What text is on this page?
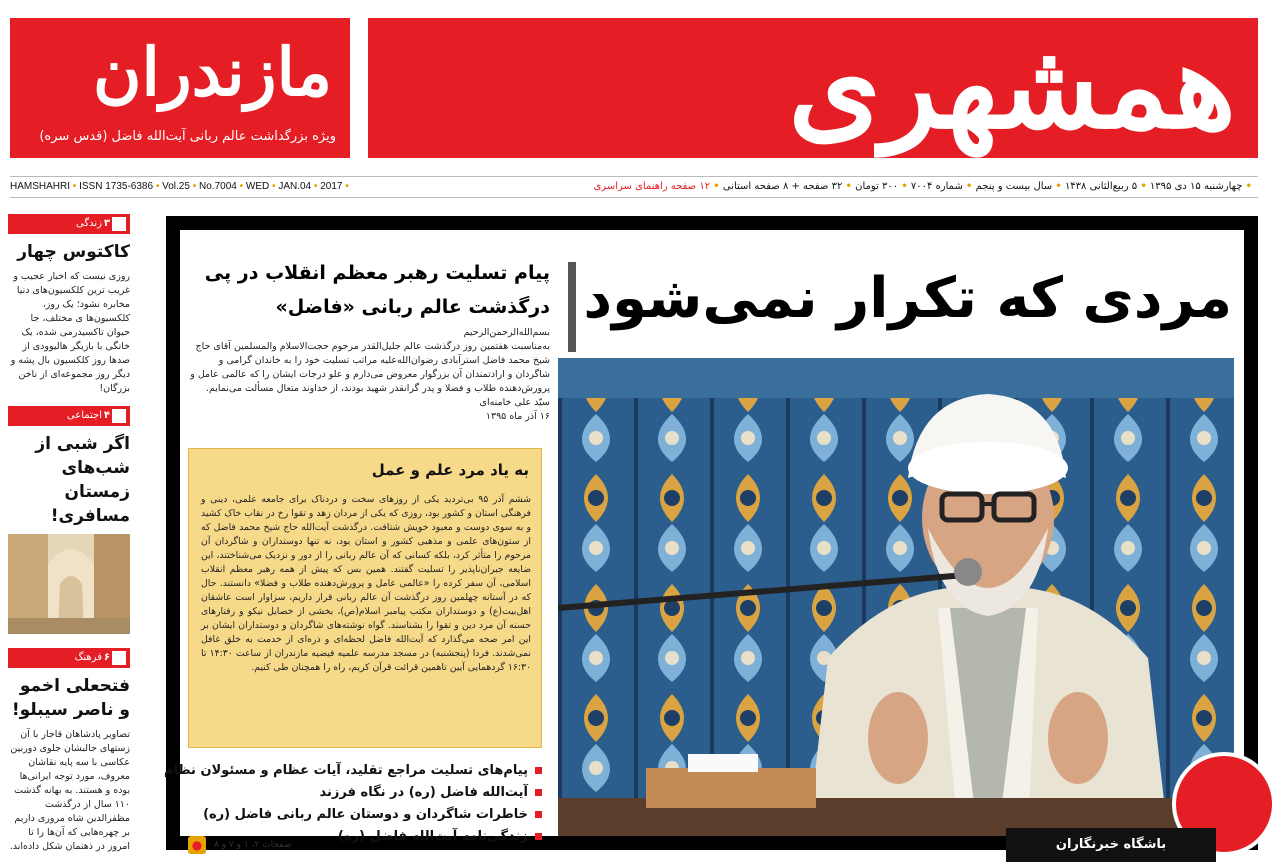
همشهری
مازندران
ویژه بزرگداشت عالم ربانی آیت‌الله فاضل (قدس سره)
• چهارشنبه ۱۵ دی ۱۳۹۵ • ۵ ربیع‌الثانی ۱۴۳۸ • سال بیست و پنجم • شماره ۷۰۰۴ • ۳۰۰ تومان • ۳۲ صفحه + ۸ صفحه استانی • ۱۲ صفحه راهنمای سراسری
HAMSHAHRI • ISSN 1735-6386 • Vol.25 • No.7004 • WED • JAN.04 • 2017 •
۳
زندگی
کاکتوس چهار
روزی نیست که اخبار عجیب و غریب ترین کلکسیون‌های دنیا مخابره نشود؛ یک روز، کلکسیون‌ها ی مختلف، جا حیوان تاکسیدرمی شده، یک خانگی با بازیگر هالیوودی از صدها روز کلکسیون بال پشه و دیگر روز مجموعه‌ای از ناخن بزرگان!
۴
اجتماعی
اگر شبی از شب‌های زمستان مسافری!
۶
فرهنگ
فتحعلی اخمو و ناصر سیبلو!
تصاویر پادشاهان قاجار با آن زستهای جالبشان جلوی دوربین عکاسی با سه پایه نقاشان معروف، مورد توجه ایرانی‌ها بوده و هستند. به بهانه گذشت ۱۱۰ سال از درگذشت مظفرالدین شاه مروری داریم بر چهره‌هایی که آن‌ها را تا امروز در ذهنمان شکل داده‌اند.
مردی که تکرار نمی‌شود
پیام تسلیت رهبر معظم انقلاب در پی درگذشت عالم ربانی «فاضل»
بسم‌الله‌الرحمن‌الرحیم
به‌مناسبت هفتمین روز درگذشت عالم جلیل‌القدر مرحوم حجت‌الاسلام والمسلمین آقای حاج شیخ محمد فاضل استرآبادی رضوان‌الله‌علیه مراتب تسلیت خود را به خاندان گرامی و شاگردان و ارادتمندان آن بزرگوار معروض می‌دارم و علو درجات ایشان را که عالمی عامل و پرورش‌دهنده طلاب و فضلا و پدر گرانقدر شهید بودند، از خداوند متعال مسألت می‌نمایم.
سیّد علی خامنه‌ای
۱۶ آذر ماه ۱۳۹۵
به یاد مرد علم و عمل
ششم آذر ۹۵ بی‌تردید یکی از روزهای سخت و دردناک برای جامعه علمی، دینی و فرهنگی استان و کشور بود، روزی که یکی از مردان زهد و تقوا رخ در نقاب خاک کشید و به سوی دوست و معبود خویش شتافت. درگذشت آیت‌الله حاج شیخ محمد فاضل که از ستون‌های علمی و مذهبی کشور و استان بود، نه تنها دوستداران و شاگردان آن مرحوم را متأثر کرد، بلکه کسانی که آن عالم ربانی را از دور و نزدیک می‌شناختند، این ضایعه جبران‌ناپذیر را تسلیت گفتند. همین بس که پیش از همه رهبر معظم انقلاب اسلامی، آن سفر کرده را «عالمی عامل و پرورش‌دهنده طلاب و فضلا» دانستند. حال که در آستانه چهلمین روز درگذشت آن عالم ربانی قرار داریم، سزاوار است عاشقان اهل‌بیت(ع) و دوستداران مکتب پیامبر اسلام(ص)، بخشی از خصایل نیکو و رفتارهای حسنه آن مرد دین و تقوا را بشناسند. گواه نوشته‌های شاگردان و دوستداران ایشان بر این امر صحه می‌گذارد که آیت‌الله فاضل لحظه‌ای و ذره‌ای از خدمت به خلق غافل نمی‌شدند. فردا (پنجشنبه) در مسجد مدرسه علمیه فیضیه مازندران از ساعت ۱۴:۳۰ تا ۱۶:۳۰ گردهمایی آیین تاهمین قرائت قرآن کریم، راه را همچنان طی کنیم.
پیام‌های تسلیت مراجع تقلید، آیات عظام و مسئولان نظام
آیت‌الله فاضل (ره) در نگاه فرزند
خاطرات شاگردان و دوستان عالم ربانی فاضل (ره)
زندگی‌نامه آیت‌الله فاضل (ره)
●	صفحات ۲، ۱ و ۷ و ۸	باشگاه خبرنگاران
